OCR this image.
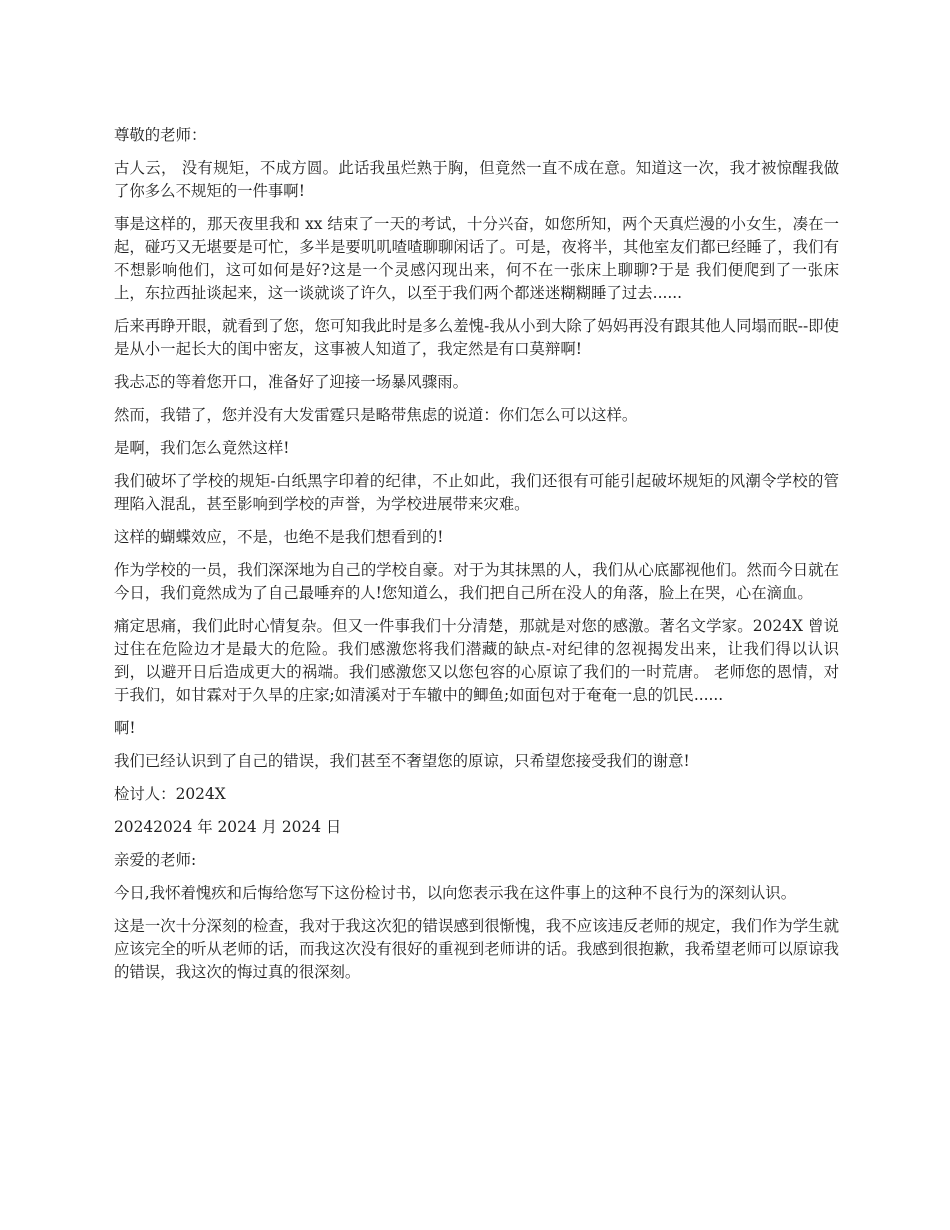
尊敬的老师：

古人云， 没有规矩，不成方圆。此话我虽烂熟于胸，但竟然一直不成在意。知道这一次，我才被惊醒我做了你多么不规矩的一件事啊!

事是这样的，那天夜里我和 xx 结束了一天的考试，十分兴奋，如您所知，两个天真烂漫的小女生，凑在一起，碰巧又无堪要是可忙，多半是要叽叽喳喳聊聊闲话了。可是，夜将半，其他室友们都已经睡了，我们有不想影响他们，这可如何是好?这是一个灵感闪现出来，何不在一张床上聊聊?于是 我们便爬到了一张床上，东拉西扯谈起来，这一谈就谈了许久，以至于我们两个都迷迷糊糊睡了过去......

后来再睁开眼，就看到了您，您可知我此时是多么羞愧-我从小到大除了妈妈再没有跟其他人同塌而眠--即使是从小一起长大的闺中密友，这事被人知道了，我定然是有口莫辩啊!

我忐忑的等着您开口，准备好了迎接一场暴风骤雨。

然而，我错了，您并没有大发雷霆只是略带焦虑的说道：你们怎么可以这样。

是啊，我们怎么竟然这样!

我们破坏了学校的规矩-白纸黑字印着的纪律，不止如此，我们还很有可能引起破坏规矩的风潮令学校的管理陷入混乱，甚至影响到学校的声誉，为学校进展带来灾难。

这样的蝴蝶效应，不是，也绝不是我们想看到的!

作为学校的一员，我们深深地为自己的学校自豪。对于为其抹黑的人，我们从心底鄙视他们。然而今日就在今日，我们竟然成为了自己最唾弃的人!您知道么，我们把自己所在没人的角落，脸上在哭，心在滴血。

痛定思痛，我们此时心情复杂。但又一件事我们十分清楚，那就是对您的感激。著名文学家。2024X 曾说过住在危险边才是最大的危险。我们感激您将我们潜藏的缺点-对纪律的忽视揭发出来，让我们得以认识到，以避开日后造成更大的祸端。我们感激您又以您包容的心原谅了我们的一时荒唐。 老师您的恩情，对于我们，如甘霖对于久旱的庄家;如清溪对于车辙中的鲫鱼;如面包对于奄奄一息的饥民......

啊!

我们已经认识到了自己的错误，我们甚至不奢望您的原谅，只希望您接受我们的谢意!

检讨人：2024X

20242024 年 2024 月 2024 日

亲爱的老师:

今日,我怀着愧疚和后悔给您写下这份检讨书，以向您表示我在这件事上的这种不良行为的深刻认识。

这是一次十分深刻的检查，我对于我这次犯的错误感到很惭愧，我不应该违反老师的规定，我们作为学生就应该完全的听从老师的话，而我这次没有很好的重视到老师讲的话。我感到很抱歉，我希望老师可以原谅我的错误，我这次的悔过真的很深刻。
